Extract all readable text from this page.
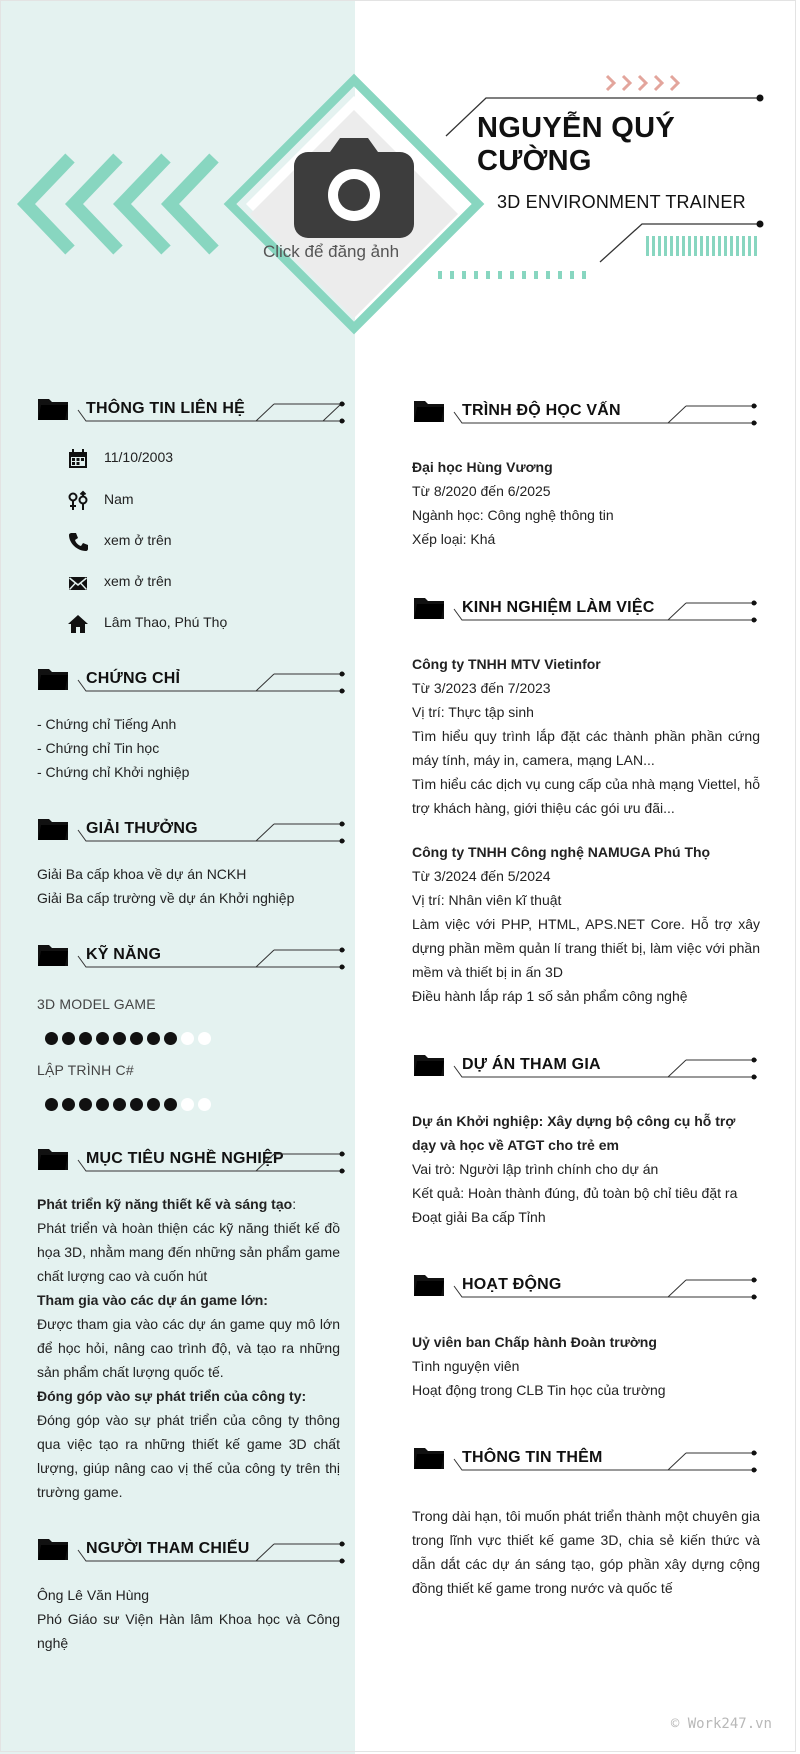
Click để đăng ảnh
NGUYỄN QUÝ
CƯỜNG
3D ENVIRONMENT TRAINER
THÔNG TIN LIÊN HỆ
11/10/2003
Nam
xem ở trên
xem ở trên
Lâm Thao, Phú Thọ
CHỨNG CHỈ
- Chứng chỉ Tiếng Anh
- Chứng chỉ Tin học
- Chứng chỉ Khởi nghiệp
GIẢI THƯỞNG
Giải Ba cấp khoa về dự án NCKH
Giải Ba cấp trường về dự án Khởi nghiệp
KỸ NĂNG
3D MODEL GAME
LẬP TRÌNH C#
MỤC TIÊU NGHỀ NGHIỆP
Phát triển kỹ năng thiết kế và sáng tạo:
Phát triển và hoàn thiện các kỹ năng thiết kế đồ họa 3D, nhằm mang đến những sản phẩm game chất lượng cao và cuốn hút
Tham gia vào các dự án game lớn:
Được tham gia vào các dự án game quy mô lớn để học hỏi, nâng cao trình độ, và tạo ra những sản phẩm chất lượng quốc tế.
Đóng góp vào sự phát triển của công ty:
Đóng góp vào sự phát triển của công ty thông qua việc tạo ra những thiết kế game 3D chất lượng, giúp nâng cao vị thế của công ty trên thị trường game.
NGƯỜI THAM CHIẾU
Ông Lê Văn Hùng
Phó Giáo sư Viện Hàn lâm Khoa học và Công nghệ
TRÌNH ĐỘ HỌC VẤN
Đại học Hùng Vương
Từ 8/2020 đến 6/2025
Ngành học: Công nghệ thông tin
Xếp loại: Khá
KINH NGHIỆM LÀM VIỆC
Công ty TNHH MTV Vietinfor
Từ 3/2023 đến 7/2023
Vị trí: Thực tập sinh
Tìm hiểu quy trình lắp đặt các thành phần phần cứng máy tính, máy in, camera, mạng LAN...
Tìm hiểu các dịch vụ cung cấp của nhà mạng Viettel, hỗ trợ khách hàng, giới thiệu các gói ưu đãi...
Công ty TNHH Công nghệ NAMUGA Phú Thọ
Từ 3/2024 đến 5/2024
Vị trí: Nhân viên kĩ thuật
Làm việc với PHP, HTML, APS.NET Core. Hỗ trợ xây dựng phần mềm quản lí trang thiết bị, làm việc với phần mềm và thiết bị in ấn 3D
Điều hành lắp ráp 1 số sản phẩm công nghệ
DỰ ÁN THAM GIA
Dự án Khởi nghiệp: Xây dựng bộ công cụ hỗ trợ dạy và học về ATGT cho trẻ em
Vai trò: Người lập trình chính cho dự án
Kết quả: Hoàn thành đúng, đủ toàn bộ chỉ tiêu đặt ra
Đoạt giải Ba cấp Tỉnh
HOẠT ĐỘNG
Uỷ viên ban Chấp hành Đoàn trường
Tình nguyện viên
Hoạt động trong CLB Tin học của trường
THÔNG TIN THÊM
Trong dài hạn, tôi muốn phát triển thành một chuyên gia trong lĩnh vực thiết kế game 3D, chia sẻ kiến thức và dẫn dắt các dự án sáng tạo, góp phần xây dựng cộng đồng thiết kế game trong nước và quốc tế
© Work247.vn
